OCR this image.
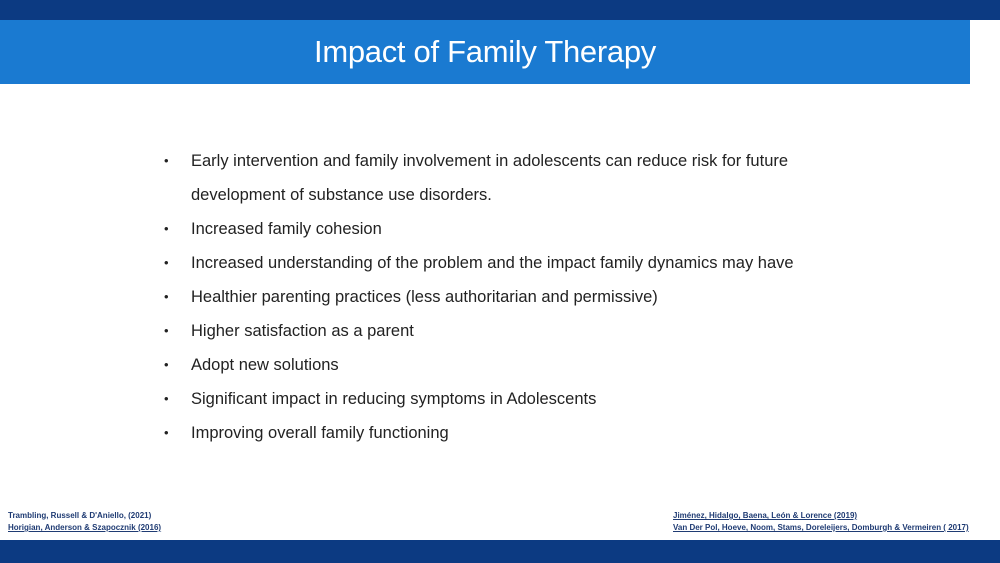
Impact of Family Therapy
• Early intervention and family involvement in adolescents can reduce risk for future development of substance use disorders.
• Increased family cohesion
• Increased understanding of the problem and the impact family dynamics may have
• Healthier parenting practices (less authoritarian and permissive)
• Higher satisfaction as a parent
• Adopt new solutions
• Significant impact in reducing symptoms in Adolescents
• Improving overall family functioning
Trambling, Russell & D'Aniello, (2021)
Horigian, Anderson & Szapocznik (2016)
Jiménez, Hidalgo, Baena, León & Lorence (2019)
Van Der Pol, Hoeve, Noom, Stams, Doreleijers, Domburgh & Vermeiren ( 2017)
